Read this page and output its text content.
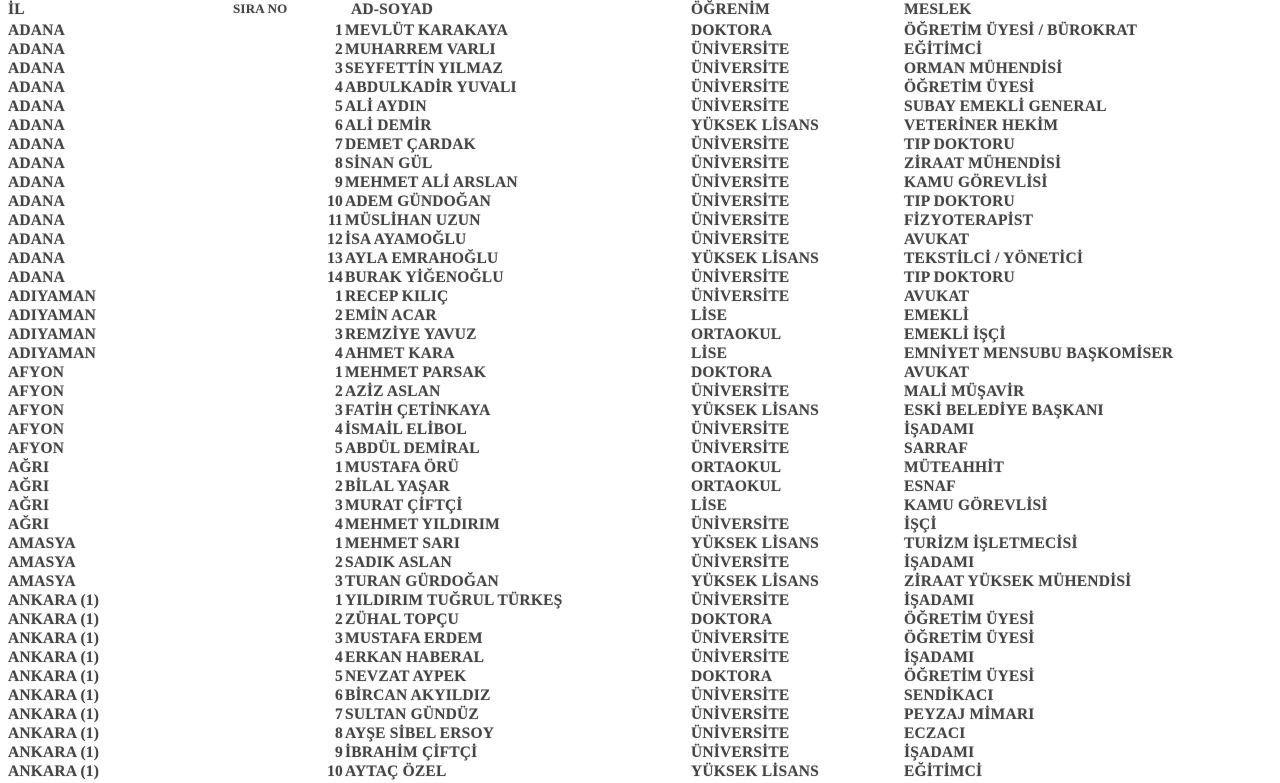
İL	SIRA NO	AD-SOYAD	ÖĞRENİM	MESLEK
ADANA	1	MEVLÜT KARAKAYA	DOKTORA	ÖĞRETİM ÜYESİ / BÜROKRAT
ADANA	2	MUHARREM VARLI	ÜNİVERSİTE	EĞİTİMCİ
ADANA	3	SEYFETTİN YILMAZ	ÜNİVERSİTE	ORMAN MÜHENDİSİ
ADANA	4	ABDULKADİR YUVALI	ÜNİVERSİTE	ÖĞRETİM ÜYESİ
ADANA	5	ALİ AYDIN	ÜNİVERSİTE	SUBAY EMEKLİ GENERAL
ADANA	6	ALİ DEMİR	YÜKSEK LİSANS	VETERİNER HEKİM
ADANA	7	DEMET ÇARDAK	ÜNİVERSİTE	TIP DOKTORU
ADANA	8	SİNAN GÜL	ÜNİVERSİTE	ZİRAAT MÜHENDİSİ
ADANA	9	MEHMET ALİ ARSLAN	ÜNİVERSİTE	KAMU GÖREVLİSİ
ADANA	10	ADEM GÜNDOĞAN	ÜNİVERSİTE	TIP DOKTORU
ADANA	11	MÜSLİHAN UZUN	ÜNİVERSİTE	FİZYOTERAPİST
ADANA	12	İSA AYAMOĞLU	ÜNİVERSİTE	AVUKAT
ADANA	13	AYLA EMRAHOĞLU	YÜKSEK LİSANS	TEKSTİLCİ / YÖNETİCİ
ADANA	14	BURAK YİĞENOĞLU	ÜNİVERSİTE	TIP DOKTORU
ADIYAMAN	1	RECEP KILIÇ	ÜNİVERSİTE	AVUKAT
ADIYAMAN	2	EMİN ACAR	LİSE	EMEKLİ
ADIYAMAN	3	REMZİYE YAVUZ	ORTAOKUL	EMEKLİ İŞÇİ
ADIYAMAN	4	AHMET KARA	LİSE	EMNİYET MENSUBU BAŞKOMİSER
AFYON	1	MEHMET PARSAK	DOKTORA	AVUKAT
AFYON	2	AZİZ ASLAN	ÜNİVERSİTE	MALİ MÜŞAVİR
AFYON	3	FATİH ÇETİNKAYA	YÜKSEK LİSANS	ESKİ BELEDİYE BAŞKANI
AFYON	4	İSMAİL ELİBOL	ÜNİVERSİTE	İŞADAMI
AFYON	5	ABDÜL DEMİRAL	ÜNİVERSİTE	SARRAF
AĞRI	1	MUSTAFA ÖRÜ	ORTAOKUL	MÜTEAHHİT
AĞRI	2	BİLAL YAŞAR	ORTAOKUL	ESNAF
AĞRI	3	MURAT ÇİFTÇİ	LİSE	KAMU GÖREVLİSİ
AĞRI	4	MEHMET YILDIRIM	ÜNİVERSİTE	İŞÇİ
AMASYA	1	MEHMET SARI	YÜKSEK LİSANS	TURİZM İŞLETMECİSİ
AMASYA	2	SADIK ASLAN	ÜNİVERSİTE	İŞADAMI
AMASYA	3	TURAN GÜRDOĞAN	YÜKSEK LİSANS	ZİRAAT YÜKSEK MÜHENDİSİ
ANKARA (1)	1	YILDIRIM TUĞRUL TÜRKEŞ	ÜNİVERSİTE	İŞADAMI
ANKARA (1)	2	ZÜHAL TOPÇU	DOKTORA	ÖĞRETİM ÜYESİ
ANKARA (1)	3	MUSTAFA ERDEM	ÜNİVERSİTE	ÖĞRETİM ÜYESİ
ANKARA (1)	4	ERKAN HABERAL	ÜNİVERSİTE	İŞADAMI
ANKARA (1)	5	NEVZAT AYPEK	DOKTORA	ÖĞRETİM ÜYESİ
ANKARA (1)	6	BİRCAN AKYILDIZ	ÜNİVERSİTE	SENDİKACI
ANKARA (1)	7	SULTAN GÜNDÜZ	ÜNİVERSİTE	PEYZAJ MİMARI
ANKARA (1)	8	AYŞE SİBEL ERSOY	ÜNİVERSİTE	ECZACI
ANKARA (1)	9	İBRAHİM ÇİFTÇİ	ÜNİVERSİTE	İŞADAMI
ANKARA (1)	10	AYTAÇ ÖZEL	YÜKSEK LİSANS	EĞİTİMCİ
